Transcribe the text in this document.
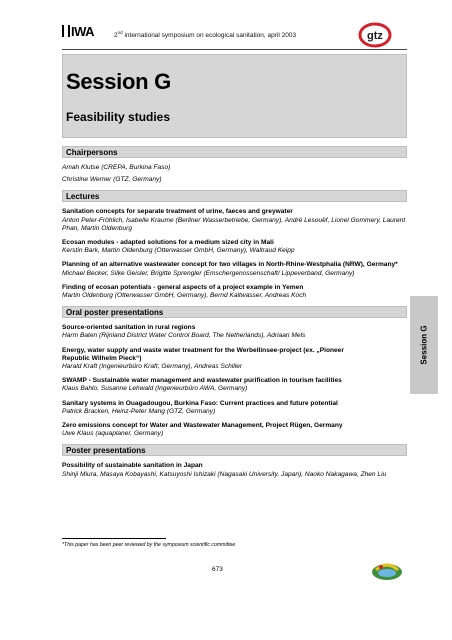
IWA	2nd international symposium on ecological sanitation, april 2003	gtz
Session G
Feasibility studies
Chairpersons
Amah Klutse (CREPA, Burkina Faso)
Christine Werner (GTZ, Germany)
Lectures
Sanitation concepts for separate treatment of urine, faeces and greywater
Anton Peter-Fröhlich, Isabelle Kraume (Berliner Wasserbetriebe, Germany), André Lesouëf, Lionel Gommery, Laurent Phan, Martin Oldenburg
Ecosan modules - adapted solutions for a medium sized city in Mali
Kerstin Bark, Martin Oldenburg (Otterwasser GmbH, Germany), Waltraud Keipp
Planning of an alternative wastewater concept for two villages in North-Rhine-Westphalia (NRW), Germany*
Michael Becker, Silke Geisler, Brigitte Sprengler (Emschergenossenschaft/ Lippeverband, Germany)
Finding of ecosan potentials - general aspects of a project example in Yemen
Martin Oldenburg (Otterwasser GmbH, Germany), Bernd Kaltwasser, Andreas Koch
Oral poster presentations
Source-oriented sanitation in rural regions
Harm Baten (Rijnland District Water Control Board, The Netherlands), Adriaan Mels
Energy, water supply and waste water treatment for the Werbellinsee-project (ex. „Pioneer Republic Wilhelm Pieck“)
Harald Kraft (Ingenieurbüro Kraft, Germany), Andreas Schiller
SWAMP - Sustainable water management and wastewater purification in tourism facilities
Klaus Bahlo, Susanne Lehwald (Ingenieurbüro AWA, Germany)
Sanitary systems in Ouagadougou, Burkina Faso: Current practices and future potential
Patrick Bracken, Heinz-Peter Mang (GTZ, Germany)
Zero emissions concept for Water and Wastewater Management, Project Rügen, Germany
Uwe Klaus (aquaplaner, Germany)
Poster presentations
Possibility of sustainable sanitation in Japan
Shinji Miura, Masaya Kobayashi, Katsuyoshi Ishizaki (Nagasaki University, Japan), Naoko Nakagawa, Zhen Liu
Session G
*This paper has been peer reviewed by the symposium scientific committee
673
